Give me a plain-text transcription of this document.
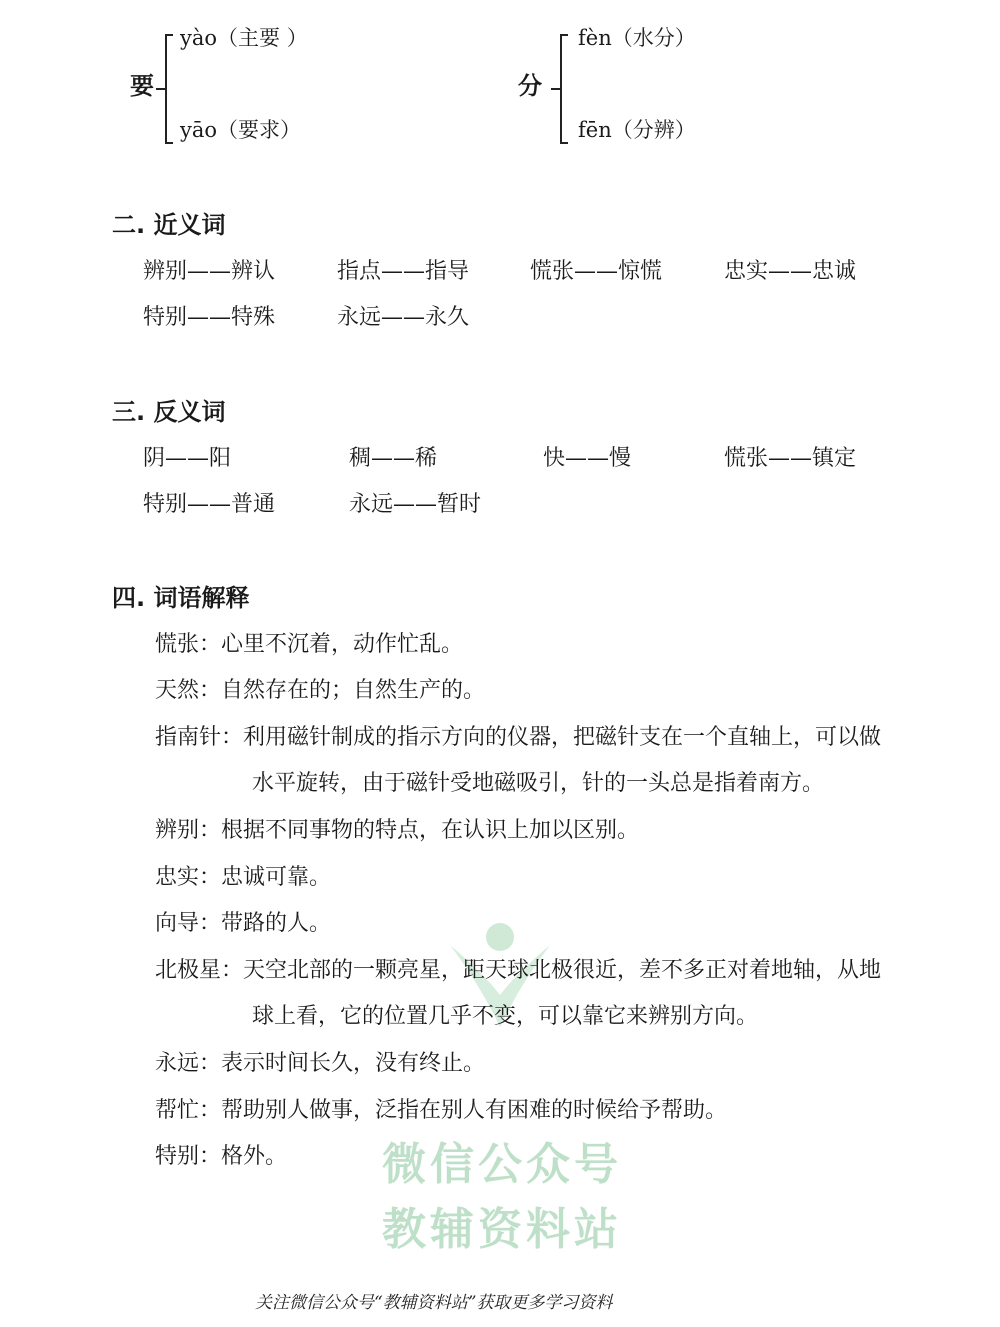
要
yào（主要 ）
yāo（要求）
分
fèn（水分）
fēn（分辨）
二. 近义词
辨别——辨认	指点——指导	慌张——惊慌	忠实——忠诚
特别——特殊	永远——永久
三. 反义词
阴——阳	稠——稀	快——慢	慌张——镇定
特别——普通	永远——暂时
微信公众号
教辅资料站
四. 词语解释
慌张：心里不沉着，动作忙乱。
天然：自然存在的；自然生产的。
指南针：利用磁针制成的指示方向的仪器，把磁针支在一个直轴上，可以做
水平旋转，由于磁针受地磁吸引，针的一头总是指着南方。
辨别：根据不同事物的特点，在认识上加以区别。
忠实：忠诚可靠。
向导：带路的人。
北极星：天空北部的一颗亮星，距天球北极很近，差不多正对着地轴，从地
球上看，它的位置几乎不变，可以靠它来辨别方向。
永远：表示时间长久，没有终止。
帮忙：帮助别人做事，泛指在别人有困难的时候给予帮助。
特别：格外。
关注微信公众号“教辅资料站”获取更多学习资料
